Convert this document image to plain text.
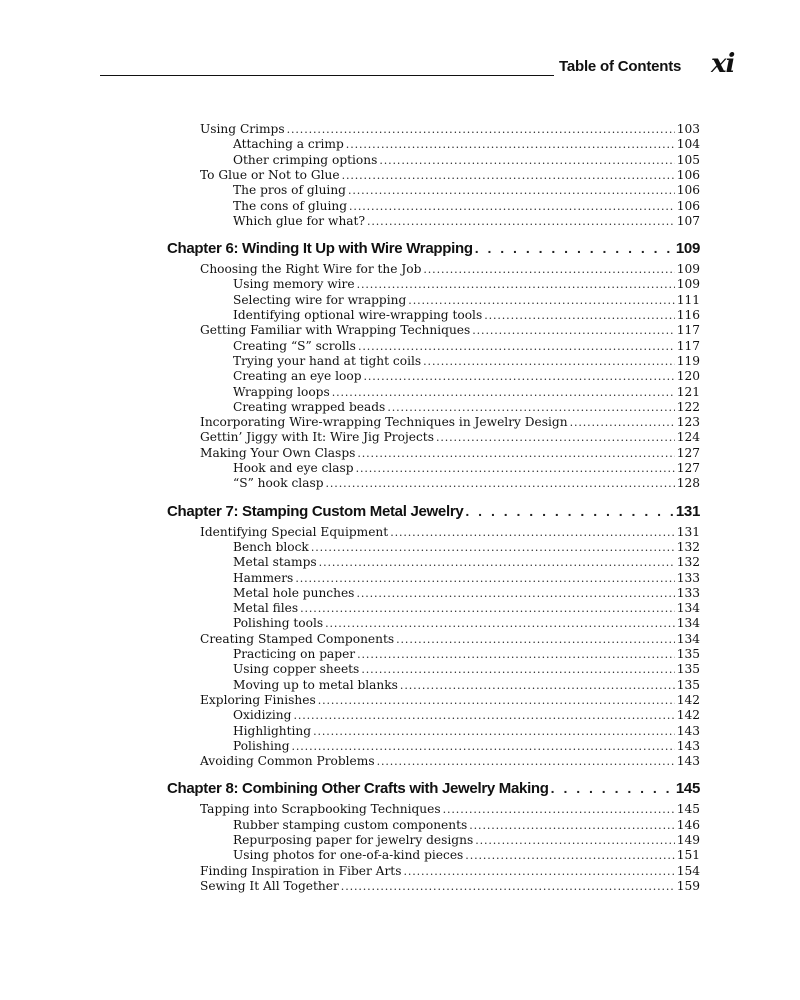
Table of Contents xi
Using Crimps . . .	103
Attaching a crimp . . .	104
Other crimping options . . .	105
To Glue or Not to Glue . . .	106
The pros of gluing . . .	106
The cons of gluing . . .	106
Which glue for what? . . .	107
Chapter 6: Winding It Up with Wire Wrapping . . .	109
Choosing the Right Wire for the Job . . .	109
Using memory wire . . .	109
Selecting wire for wrapping . . .	111
Identifying optional wire-wrapping tools . . .	116
Getting Familiar with Wrapping Techniques . . .	117
Creating “S” scrolls . . .	117
Trying your hand at tight coils . . .	119
Creating an eye loop . . .	120
Wrapping loops . . .	121
Creating wrapped beads . . .	122
Incorporating Wire-wrapping Techniques in Jewelry Design . . .	123
Gettin’ Jiggy with It: Wire Jig Projects . . .	124
Making Your Own Clasps . . .	127
Hook and eye clasp . . .	127
“S” hook clasp . . .	128
Chapter 7: Stamping Custom Metal Jewelry . . .	131
Identifying Special Equipment . . .	131
Bench block . . .	132
Metal stamps . . .	132
Hammers . . .	133
Metal hole punches . . .	133
Metal files . . .	134
Polishing tools . . .	134
Creating Stamped Components . . .	134
Practicing on paper . . .	135
Using copper sheets . . .	135
Moving up to metal blanks . . .	135
Exploring Finishes . . .	142
Oxidizing . . .	142
Highlighting . . .	143
Polishing . . .	143
Avoiding Common Problems . . .	143
Chapter 8: Combining Other Crafts with Jewelry Making . . .	145
Tapping into Scrapbooking Techniques . . .	145
Rubber stamping custom components . . .	146
Repurposing paper for jewelry designs . . .	149
Using photos for one-of-a-kind pieces . . .	151
Finding Inspiration in Fiber Arts . . .	154
Sewing It All Together . . .	159
